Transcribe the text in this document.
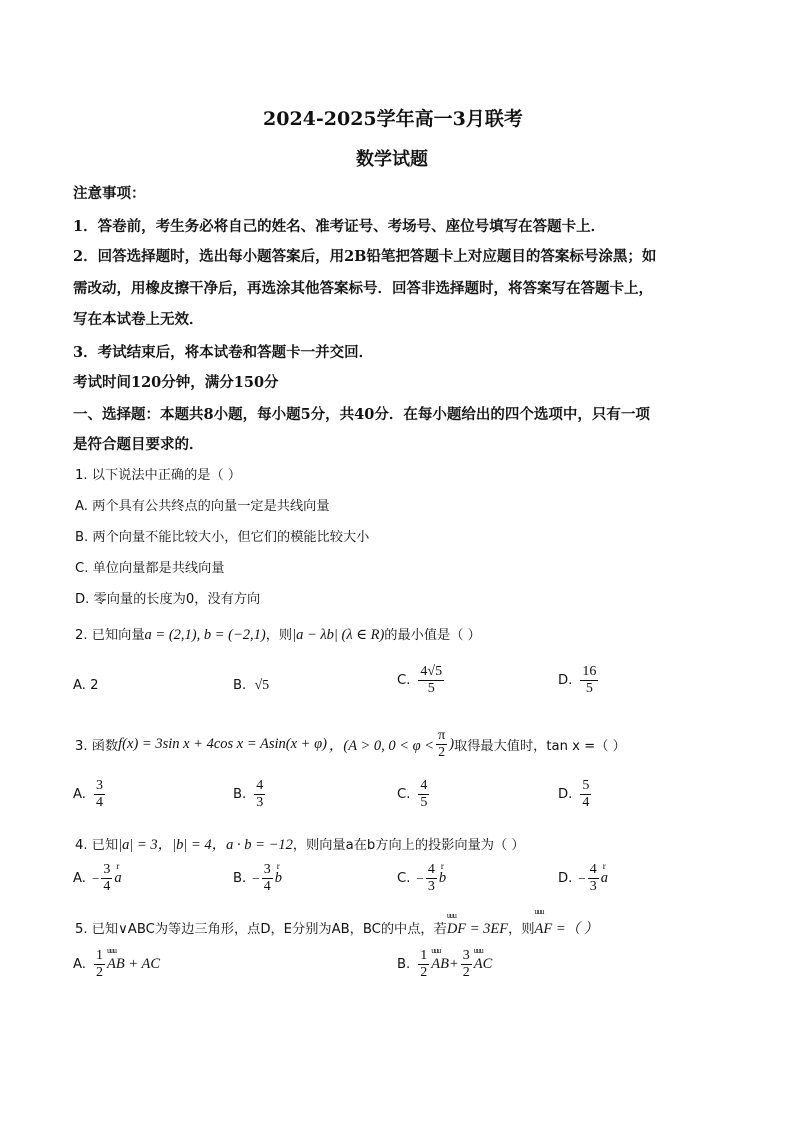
2024-2025学年高一3月联考
数学试题
注意事项：
1．答卷前，考生务必将自己的姓名、准考证号、考场号、座位号填写在答题卡上．
2．回答选择题时，选出每小题答案后，用2B铅笔把答题卡上对应题目的答案标号涂黑；如
需改动，用橡皮擦干净后，再选涂其他答案标号．回答非选择题时，将答案写在答题卡上，
写在本试卷上无效．
3．考试结束后，将本试卷和答题卡一并交回．
考试时间120分钟，满分150分
一、选择题：本题共8小题，每小题5分，共40分．在每小题给出的四个选项中，只有一项
是符合题目要求的．
1. 以下说法中正确的是（ ）
A. 两个具有公共终点的向量一定是共线向量
B. 两个向量不能比较大小，但它们的模能比较大小
C. 单位向量都是共线向量
D. 零向量的长度为0，没有方向
2. 已知向量a = (2,1), b = (−2,1)，则|a − λb| (λ ∈ R)的最小值是（ ）
A. 2	B. √5	C. $\frac{4√5}{5}$	D. $\frac{16}{5}$
3. 函数 f(x) = 3sin x + 4cos x = Asin(x + φ) ，(A > 0, $0 < \varphi < \frac{\pi}{2}$ ) 取得最大值时，tan x =（ ）
A. $\frac{3}{4}$	B. $\frac{4}{3}$	C. $\frac{4}{5}$	D. $\frac{5}{4}$
4. 已知|a| = 3，|b| = 4，a · b = −12，则向量a在b方向上的投影向量为（ ）
A. − $\frac{3}{4}$ r a	B. − $\frac{3}{4}$ r b	C. − $\frac{4}{3}$ r b	D. − $\frac{4}{3}$ r a
5. 已知∨ABC为等边三角形，点D，E分别为AB，BC的中点，若uuu DF = 3EF，则uuu AF =（ ）
A. $\frac{1}{2}$ uuu AB + AC	B. $\frac{1}{2}$ uuu $AB+ \frac{3}{2}$ uuu AC
